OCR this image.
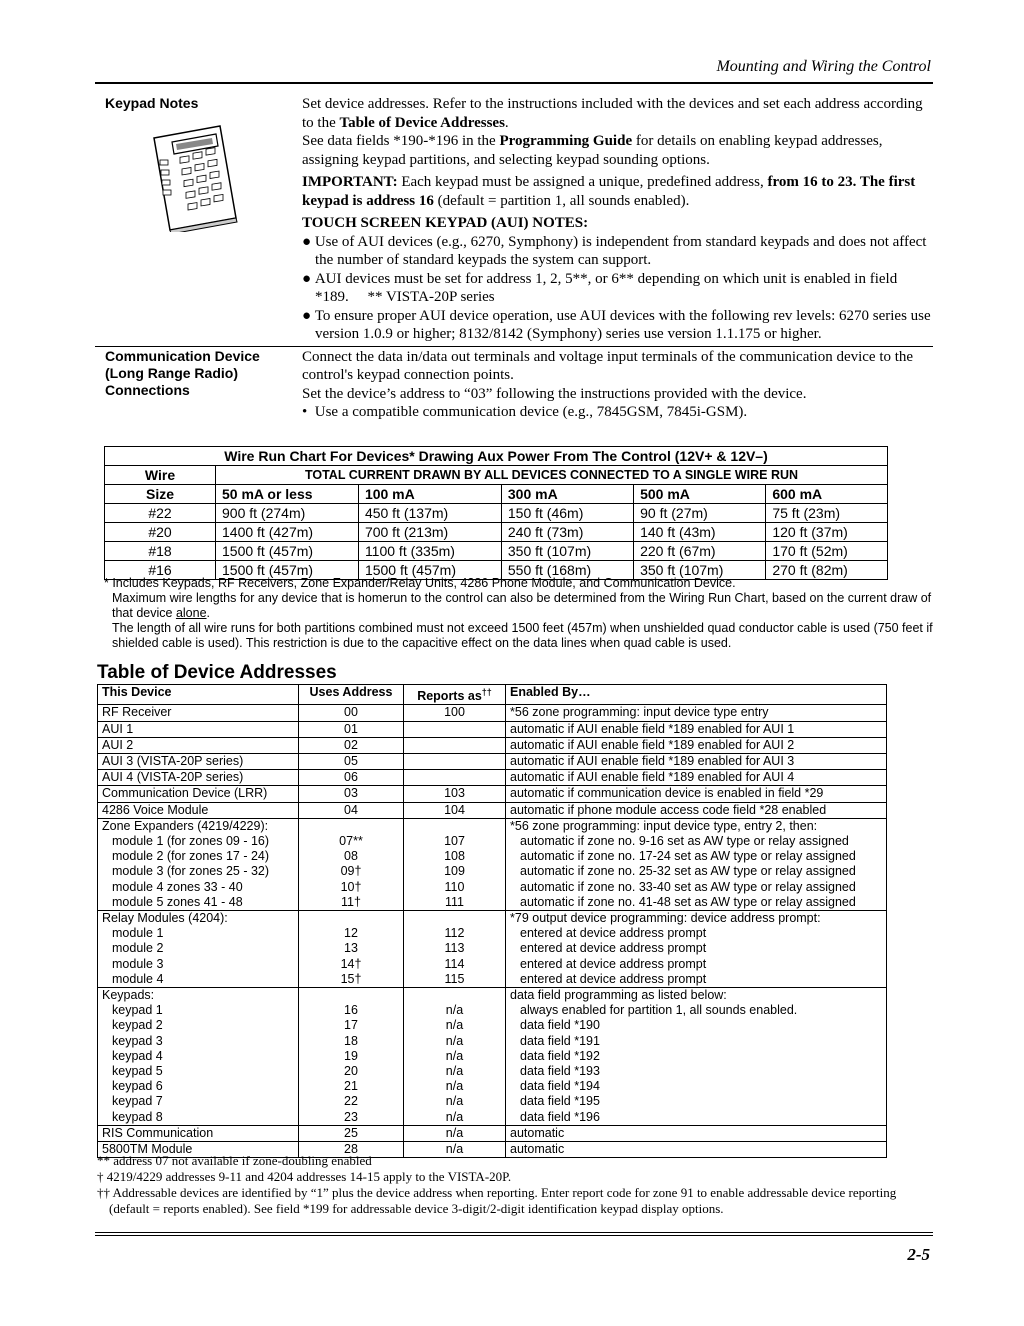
Mounting and Wiring the Control
Keypad Notes	Set device addresses. Refer to the instructions included with the devices and set each address according to the Table of Device Addresses.

See data fields *190-*196 in the Programming Guide for details on enabling keypad addresses, assigning keypad partitions, and selecting keypad sounding options.

IMPORTANT: Each keypad must be assigned a unique, predefined address, from 16 to 23. The first keypad is address 16 (default = partition 1, all sounds enabled).

TOUCH SCREEN KEYPAD (AUI) NOTES:

● Use of AUI devices (e.g., 6270, Symphony) is independent from standard keypads and does not affect the number of standard keypads the system can support.

● AUI devices must be set for address 1, 2, 5**, or 6** depending on which unit is enabled in field *189.     ** VISTA-20P series

● To ensure proper AUI device operation, use AUI devices with the following rev levels: 6270 series use version 1.0.9 or higher; 8132/8142 (Symphony) series use version 1.1.175 or higher.

Communication Device
(Long Range Radio)
Connections

Connect the data in/data out terminals and voltage input terminals of the communication device to the control's keypad connection points.

Set the device’s address to “03” following the instructions provided with the device.

•  Use a compatible communication device (e.g., 7845GSM, 7845i-GSM).

Wire Run Chart For Devices* Drawing Aux Power From The Control (12V+ & 12V–)					
Wire	TOTAL CURRENT DRAWN BY ALL DEVICES CONNECTED TO A SINGLE WIRE RUN				
Size	50 mA or less	100 mA	300 mA	500 mA	600 mA
#22	900 ft (274m)	450 ft (137m)	150 ft (46m)	90 ft (27m)	75 ft (23m)
#20	1400 ft (427m)	700 ft (213m)	240 ft (73m)	140 ft (43m)	120 ft (37m)
#18	1500 ft (457m)	1100 ft (335m)	350 ft (107m)	220 ft (67m)	170 ft (52m)
#16	1500 ft (457m)	1500 ft (457m)	550 ft (168m)	350 ft (107m)	270 ft (82m)

* Includes Keypads, RF Receivers, Zone Expander/Relay Units, 4286 Phone Module, and Communication Device.

Maximum wire lengths for any device that is homerun to the control can also be determined from the Wiring Run Chart, based on the current draw of that device alone.

The length of all wire runs for both partitions combined must not exceed 1500 feet (457m) when unshielded quad conductor cable is used (750 feet if shielded cable is used). This restriction is due to the capacitive effect on the data lines when quad cable is used.

Table of Device Addresses
This Device	Uses Address	Reports as††	Enabled By…
RF Receiver	00	100	*56 zone programming: input device type entry
AUI 1	01		automatic if AUI enable field *189 enabled for AUI 1
AUI 2	02		automatic if AUI enable field *189 enabled for AUI 2
AUI 3 (VISTA-20P series)	05		automatic if AUI enable field *189 enabled for AUI 3
AUI 4 (VISTA-20P series)	06		automatic if AUI enable field *189 enabled for AUI 4
Communication Device (LRR)	03	103	automatic if communication device is enabled in field *29
4286 Voice Module	04	104	automatic if phone module access code field *28 enabled
Zone Expanders (4219/4229):			*56 zone programming: input device type, entry 2, then:
module 1 (for zones 09 - 16)	07**	107	automatic if zone no. 9-16 set as AW type or relay assigned
module 2 (for zones 17 - 24)	08	108	automatic if zone no. 17-24 set as AW type or relay assigned
module 3 (for zones 25 - 32)	09†	109	automatic if zone no. 25-32 set as AW type or relay assigned
module 4 zones 33 - 40	10†	110	automatic if zone no. 33-40 set as AW type or relay assigned
module 5 zones 41 - 48	11†	111	automatic if zone no. 41-48 set as AW type or relay assigned
Relay Modules (4204):			*79 output device programming: device address prompt:
module 1	12	112	entered at device address prompt
module 2	13	113	entered at device address prompt
module 3	14†	114	entered at device address prompt
module 4	15†	115	entered at device address prompt
Keypads:			data field programming as listed below:
keypad 1	16	n/a	always enabled for partition 1, all sounds enabled.
keypad 2	17	n/a	data field *190
keypad 3	18	n/a	data field *191
keypad 4	19	n/a	data field *192
keypad 5	20	n/a	data field *193
keypad 6	21	n/a	data field *194
keypad 7	22	n/a	data field *195
keypad 8	23	n/a	data field *196
RIS Communication	25	n/a	automatic
5800TM Module	28	n/a	automatic

** address 07 not available if zone-doubling enabled

† 4219/4229 addresses 9-11 and 4204 addresses 14-15 apply to the VISTA-20P.

†† Addressable devices are identified by “1” plus the device address when reporting. Enter report code for zone 91 to enable addressable device reporting (default = reports enabled). See field *199 for addressable device 3-digit/2-digit identification keypad display options.

2-5
